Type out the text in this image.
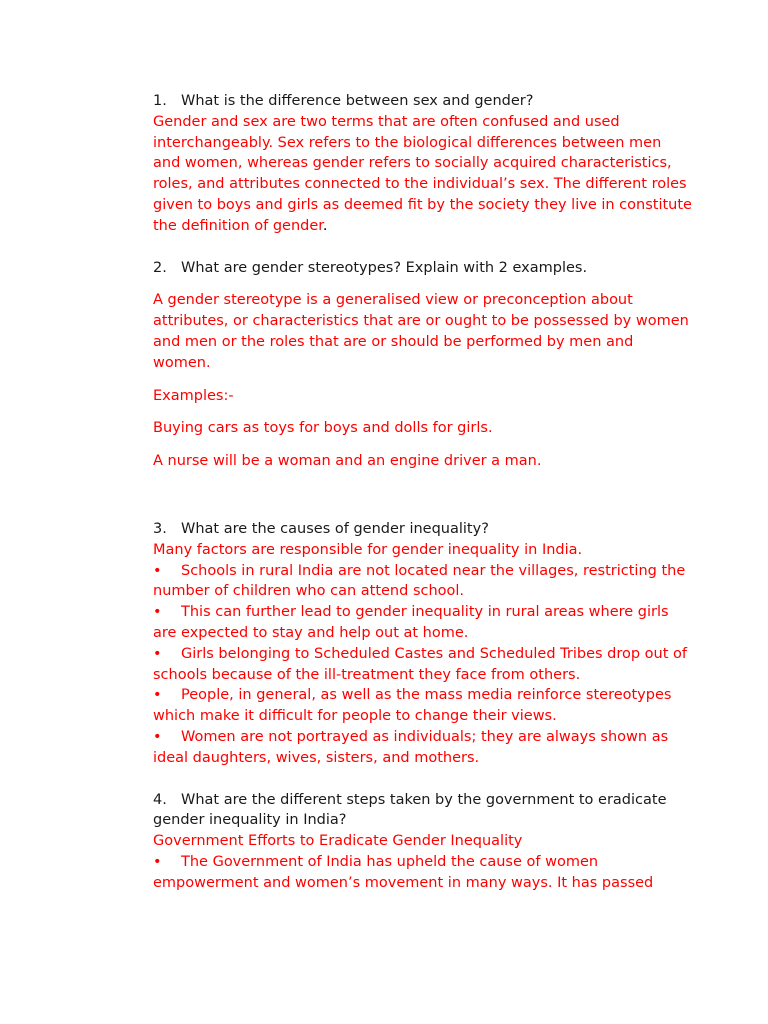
1. What is the difference between sex and gender?

Gender and sex are two terms that are often confused and used interchangeably. Sex refers to the biological differences between men and women, whereas gender refers to socially acquired characteristics, roles, and attributes connected to the individual’s sex. The different roles given to boys and girls as deemed fit by the society they live in constitute the definition of gender.

2. What are gender stereotypes? Explain with 2 examples.

A gender stereotype is a generalised view or preconception about attributes, or characteristics that are or ought to be possessed by women and men or the roles that are or should be performed by men and women.

Examples:-

Buying cars as toys for boys and dolls for girls.

A nurse will be a woman and an engine driver a man.

3. What are the causes of gender inequality?

Many factors are responsible for gender inequality in India.

• Schools in rural India are not located near the villages, restricting the number of children who can attend school.

• This can further lead to gender inequality in rural areas where girls are expected to stay and help out at home.

• Girls belonging to Scheduled Castes and Scheduled Tribes drop out of schools because of the ill-treatment they face from others.

• People, in general, as well as the mass media reinforce stereotypes which make it difficult for people to change their views.

• Women are not portrayed as individuals; they are always shown as ideal daughters, wives, sisters, and mothers.

4. What are the different steps taken by the government to eradicate gender inequality in India?

Government Efforts to Eradicate Gender Inequality

• The Government of India has upheld the cause of women empowerment and women’s movement in many ways. It has passed
